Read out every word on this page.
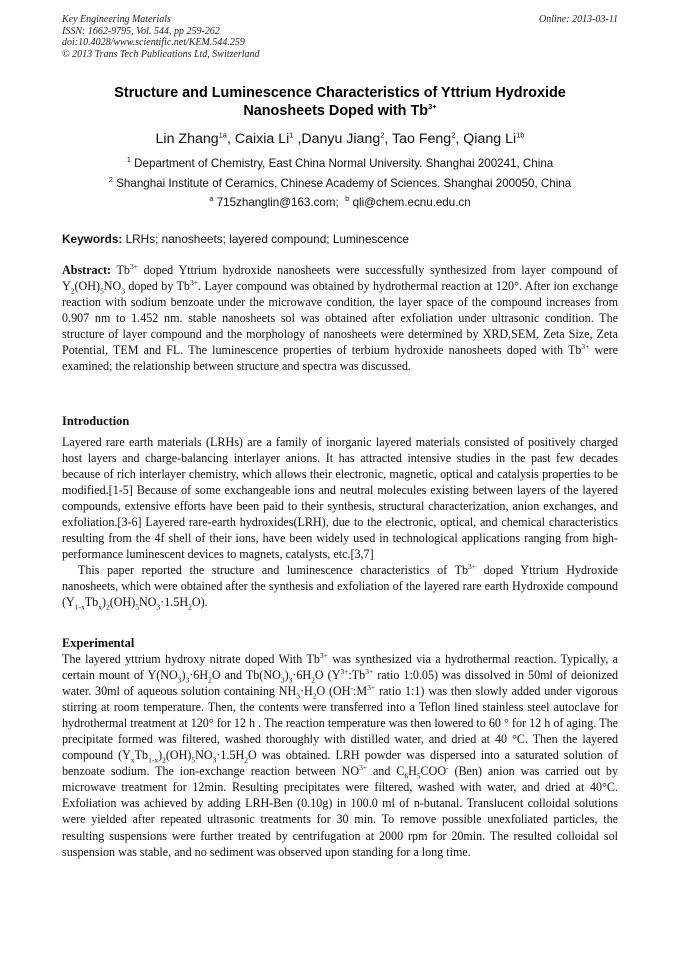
Key Engineering Materials
ISSN: 1662-9795, Vol. 544, pp 259-262
doi:10.4028/www.scientific.net/KEM.544.259
© 2013 Trans Tech Publications Ltd, Switzerland
Online: 2013-03-11
Structure and Luminescence Characteristics of Yttrium Hydroxide
Nanosheets Doped with $Tb^{3+}$
Lin Zhang$^{1a}$, Caixia Li$^1$ ,Danyu Jiang$^2$, Tao Feng$^2$, Qiang $Li^{1b}$
$^1$ Department of Chemistry, East China Normal University. Shanghai 200241, China
$^2$ Shanghai Institute of Ceramics, Chinese Academy of Sciences. Shanghai 200050, China
$^a$ 715zhanglin@163.com; $^b$ qli@chem.ecnu.edu.cn
Keywords: LRHs; nanosheets; layered compound; Luminescence
Abstract: $Tb^{3+}$ doped Yttrium hydroxide nanosheets were successfully synthesized from layer compound of $Y_2(OH)_5NO_3$ doped by $Tb^{3+}$. Layer compound was obtained by hydrothermal reaction at 120°. After ion exchange reaction with sodium benzoate under the microwave condition, the layer space of the compound increases from 0.907 nm to 1.452 nm. stable nanosheets sol was obtained after exfoliation under ultrasonic condition. The structure of layer compound and the morphology of nanosheets were determined by XRD,SEM, Zeta Size, Zeta Potential, TEM and FL. The luminescence properties of terbium hydroxide nanosheets doped with $Tb^{3+}$ were examined; the relationship between structure and spectra was discussed.
Introduction

Layered rare earth materials (LRHs) are a family of inorganic layered materials consisted of positively charged host layers and charge-balancing interlayer anions. It has attracted intensive studies in the past few decades because of rich interlayer chemistry, which allows their electronic, magnetic, optical and catalysis properties to be modified.[1-5] Because of some exchangeable ions and neutral molecules existing between layers of the layered compounds, extensive efforts have been paid to their synthesis, structural characterization, anion exchanges, and exfoliation.[3-6] Layered rare-earth hydroxides(LRH), due to the electronic, optical, and chemical characteristics resulting from the 4f shell of their ions, have been widely used in technological applications ranging from high-performance luminescent devices to magnets, catalysts, etc.[3,7]

This paper reported the structure and luminescence characteristics of $Tb^{3+}$ doped Yttrium Hydroxide nanosheets, which were obtained after the synthesis and exfoliation of the layered rare earth Hydroxide compound $(Y_{1-x}Tb_x)_2(OH)_5NO_3\cdot 1.5H_2O$).

Experimental
The layered yttrium hydroxy nitrate doped With $Tb^{3+}$ was synthesized via a hydrothermal reaction. Typically, a certain mount of $Y(NO_3)_3\cdot 6H_2O$ and $Tb(NO_3)_3\cdot 6H_2O$ ($Y^{3+}:Tb^{3+}$ ratio 1:0.05) was dissolved in 50ml of deionized water. 30ml of aqueous solution containing $NH_3\cdot H_2O$ ($OH^-:M^{3+}$ ratio 1:1) was then slowly added under vigorous stirring at room temperature. Then, the contents were transferred into a Teflon lined stainless steel autoclave for hydrothermal treatment at 120° for 12 h . The reaction temperature was then lowered to 60 ° for 12 h of aging. The precipitate formed was filtered, washed thoroughly with distilled water, and dried at 40 °C. Then the layered compound $(Y_xTb_{1-x})_2(OH)_5NO_3\cdot 1.5H_2O$ was obtained. LRH powder was dispersed into a saturated solution of benzoate sodium. The ion-exchange reaction between $NO^{3+}$ and $C_6H_5COO^-$ (Ben) anion was carried out by microwave treatment for 12min. Resulting precipitates were filtered, washed with water, and dried at 40°C. Exfoliation was achieved by adding LRH-Ben (0.10g) in 100.0 ml of n-butanal. Translucent colloidal solutions were yielded after repeated ultrasonic treatments for 30 min. To remove possible unexfoliated particles, the resulting suspensions were further treated by centrifugation at 2000 rpm for 20min. The resulted colloidal sol suspension was stable, and no sediment was observed upon standing for a long time.
